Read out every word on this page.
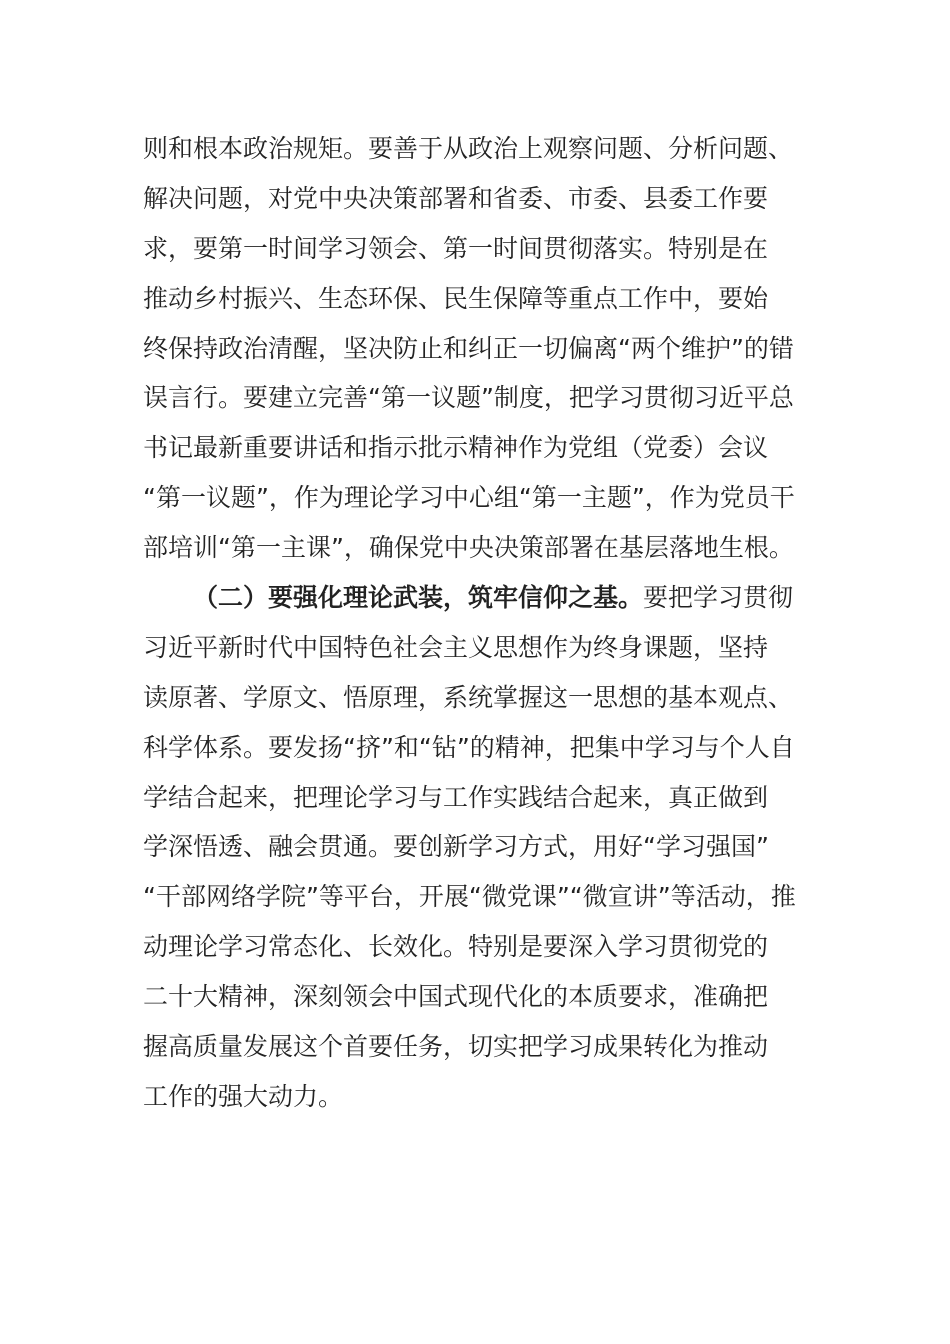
则和根本政治规矩。要善于从政治上观察问题、分析问题、
解决问题，对党中央决策部署和省委、市委、县委工作要
求，要第一时间学习领会、第一时间贯彻落实。特别是在
推动乡村振兴、生态环保、民生保障等重点工作中，要始
终保持政治清醒，坚决防止和纠正一切偏离“两个维护”的错
误言行。要建立完善“第一议题”制度，把学习贯彻习近平总
书记最新重要讲话和指示批示精神作为党组（党委）会议
“第一议题”，作为理论学习中心组“第一主题”，作为党员干
部培训“第一主课”，确保党中央决策部署在基层落地生根。
（二）要强化理论武装，筑牢信仰之基。要把学习贯彻
习近平新时代中国特色社会主义思想作为终身课题，坚持
读原著、学原文、悟原理，系统掌握这一思想的基本观点、
科学体系。要发扬“挤”和“钻”的精神，把集中学习与个人自
学结合起来，把理论学习与工作实践结合起来，真正做到
学深悟透、融会贯通。要创新学习方式，用好“学习强国”
“干部网络学院”等平台，开展“微党课”“微宣讲”等活动，推
动理论学习常态化、长效化。特别是要深入学习贯彻党的
二十大精神，深刻领会中国式现代化的本质要求，准确把
握高质量发展这个首要任务，切实把学习成果转化为推动
工作的强大动力。
